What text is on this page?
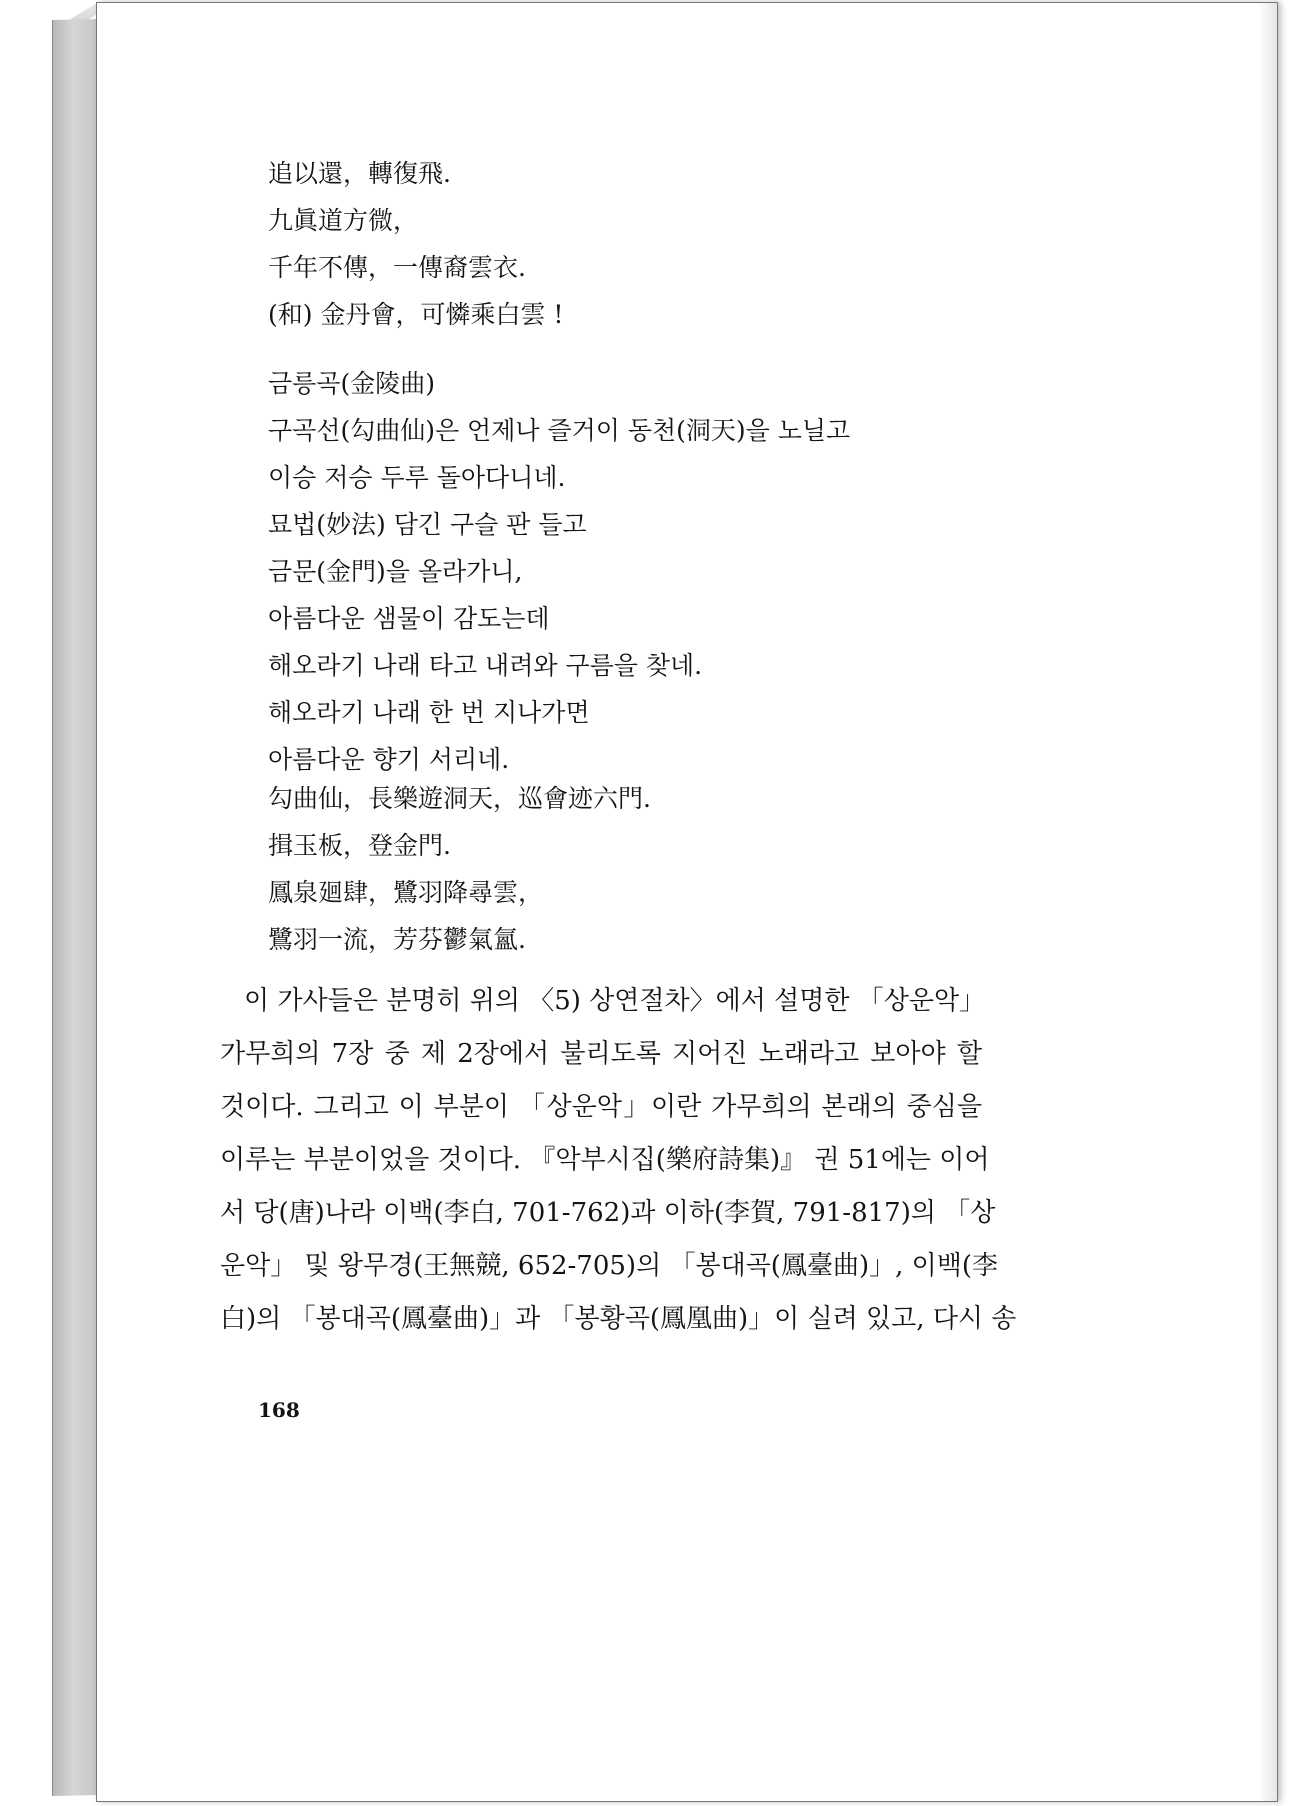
追以還，轉復飛.
九眞道方微，
千年不傳，一傳裔雲衣.
(和) 金丹會，可憐乘白雲 !
금릉곡(金陵曲)
구곡선(勾曲仙)은 언제나 즐거이 동천(洞天)을 노닐고
이승 저승 두루 돌아다니네.
묘법(妙法) 담긴 구슬 판 들고
금문(金門)을 올라가니,
아름다운 샘물이 감도는데
해오라기 나래 타고 내려와 구름을 찾네.
해오라기 나래 한 번 지나가면
아름다운 향기 서리네.
勾曲仙，長樂遊洞天，巡會迹六門.
揖玉板，登金門.
鳳泉廻肆，鷺羽降尋雲，
鷺羽一流，芳芬鬱氣氳.
이 가사들은 분명히 위의 〈5) 상연절차〉에서 설명한 「상운악」
가무희의 7장 중 제 2장에서 불리도록 지어진 노래라고 보아야 할
것이다. 그리고 이 부분이 「상운악」이란 가무희의 본래의 중심을
이루는 부분이었을 것이다. 『악부시집(樂府詩集)』 권 51에는 이어
서 당(唐)나라 이백(李白, 701-762)과 이하(李賀, 791-817)의 「상
운악」 및 왕무경(王無競, 652-705)의 「봉대곡(鳳臺曲)」, 이백(李
白)의 「봉대곡(鳳臺曲)」과 「봉황곡(鳳凰曲)」이 실려 있고, 다시 송
168
